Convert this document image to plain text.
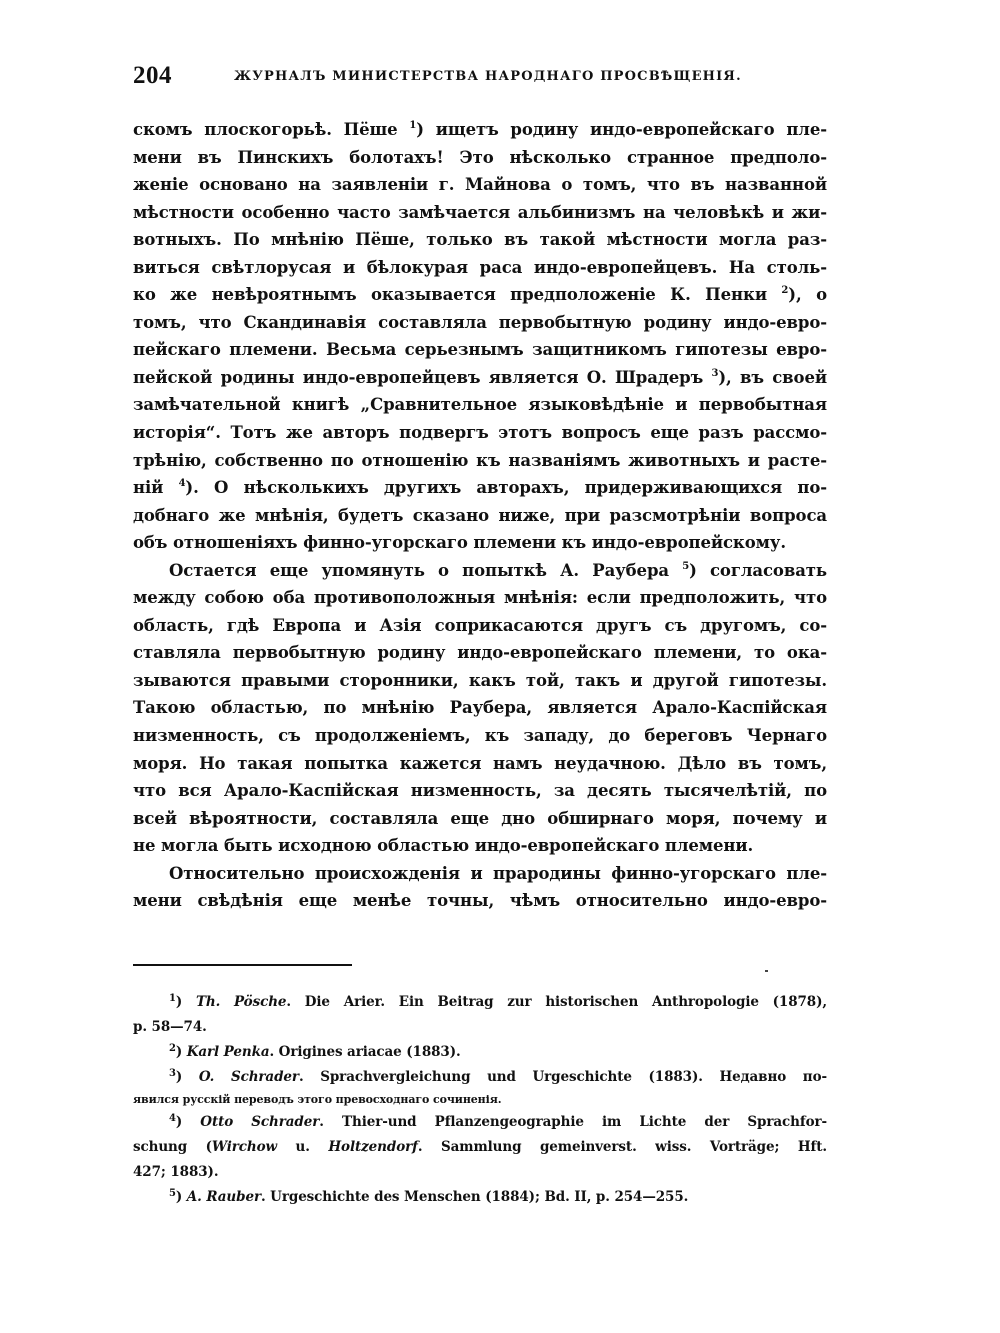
204	ЖУРНАЛЪ МИНИСТЕРСТВА НАРОДНАГО ПРОСВѢЩЕНІЯ.
скомъ плоскогорьѣ. Пёше $^1$) ищетъ родину индо-европейскаго пле-
мени въ Пинскихъ болотахъ! Это нѣсколько странное предполо-
женіе основано на заявленіи г. Майнова о томъ, что въ названной
мѣстности особенно часто замѣчается альбинизмъ на человѣкѣ и жи-
вотныхъ. По мнѣнію Пёше, только въ такой мѣстности могла раз-
виться свѣтлорусая и бѣлокурая раса индо-европейцевъ. На столь-
ко же невѣроятнымъ оказывается предположеніе К. Пенки $^2$), о
томъ, что Скандинавія составляла первобытную родину индо-евро-
пейскаго племени. Весьма серьезнымъ защитникомъ гипотезы евро-
пейской родины индо-европейцевъ является О. Шрадеръ $^3$), въ своей
замѣчательной книгѣ „Сравнительное языковѣдѣніе и первобытная
исторія“. Тотъ же авторъ подвергъ этотъ вопросъ еще разъ рассмо-
трѣнію, собственно по отношенію къ названіямъ животныхъ и расте-
ній $^4$). О нѣсколькихъ другихъ авторахъ, придерживающихся по-
добнаго же мнѣнія, будетъ сказано ниже, при разсмотрѣніи вопроса
объ отношеніяхъ финно-угорскаго племени къ индо-европейскому.
Остается еще упомянуть о попыткѣ А. Раубера $^5$) согласовать
между собою оба противоположныя мнѣнія: если предположить, что
область, гдѣ Европа и Азія соприкасаются другъ съ другомъ, со-
ставляла первобытную родину индо-европейскаго племени, то ока-
зываются правыми сторонники, какъ той, такъ и другой гипотезы.
Такою областью, по мнѣнію Раубера, является Арало-Каспійская
низменность, съ продолженіемъ, къ западу, до береговъ Чернаго
моря. Но такая попытка кажется намъ неудачною. Дѣло въ томъ,
что вся Арало-Каспійская низменность, за десять тысячелѣтій, по
всей вѣроятности, составляла еще дно обширнаго моря, почему и
не могла быть исходною областью индо-европейскаго племени.
Относительно происхожденія и прародины финно-угорскаго пле-
мени свѣдѣнія еще менѣе точны, чѣмъ относительно индо-евро-
$^1$) Th. Pösche. Die Arier. Ein Beitrag zur historischen Anthropologie (1878),
p. 58—74.
$^2$) Karl Penka. Origines ariacae (1883).
$^3$) O. Schrader. Sprachvergleichung und Urgeschichte (1883). Недавно по-
явился русскій переводъ этого превосходнаго сочиненія.
$^4$) Otto Schrader. Thier-und Pflanzengeographie im Lichte der Sprachfor-
schung (Wirchow u. Holtzendorf. Sammlung gemeinverst. wiss. Vorträge; Hft.
427; 1883).
$^5$) A. Rauber. Urgeschichte des Menschen (1884); Bd. II, p. 254—255.
